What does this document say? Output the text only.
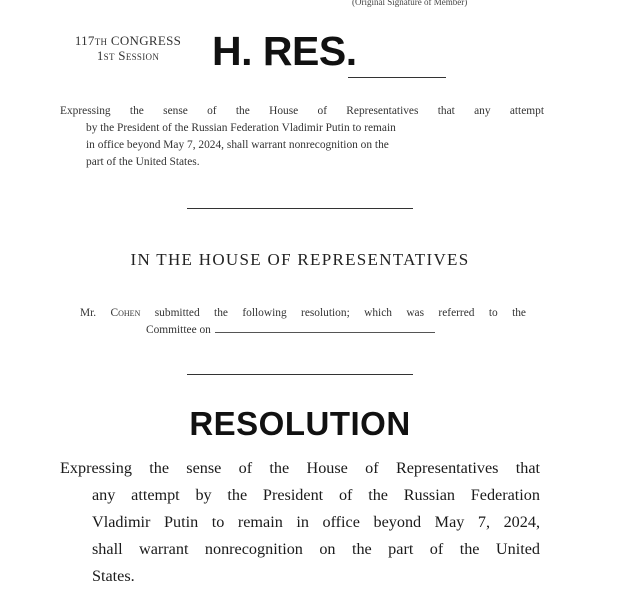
(Original Signature of Member)
117th CONGRESS
1st Session	H. RES.
Expressing the sense of the House of Representatives that any attempt
by the President of the Russian Federation Vladimir Putin to remain
in office beyond May 7, 2024, shall warrant nonrecognition on the
part of the United States.
IN THE HOUSE OF REPRESENTATIVES
Mr. Cohen submitted the following resolution; which was referred to the
Committee on
RESOLUTION
Expressing the sense of the House of Representatives that
any attempt by the President of the Russian Federation
Vladimir Putin to remain in office beyond May 7, 2024,
shall warrant nonrecognition on the part of the United
States.
